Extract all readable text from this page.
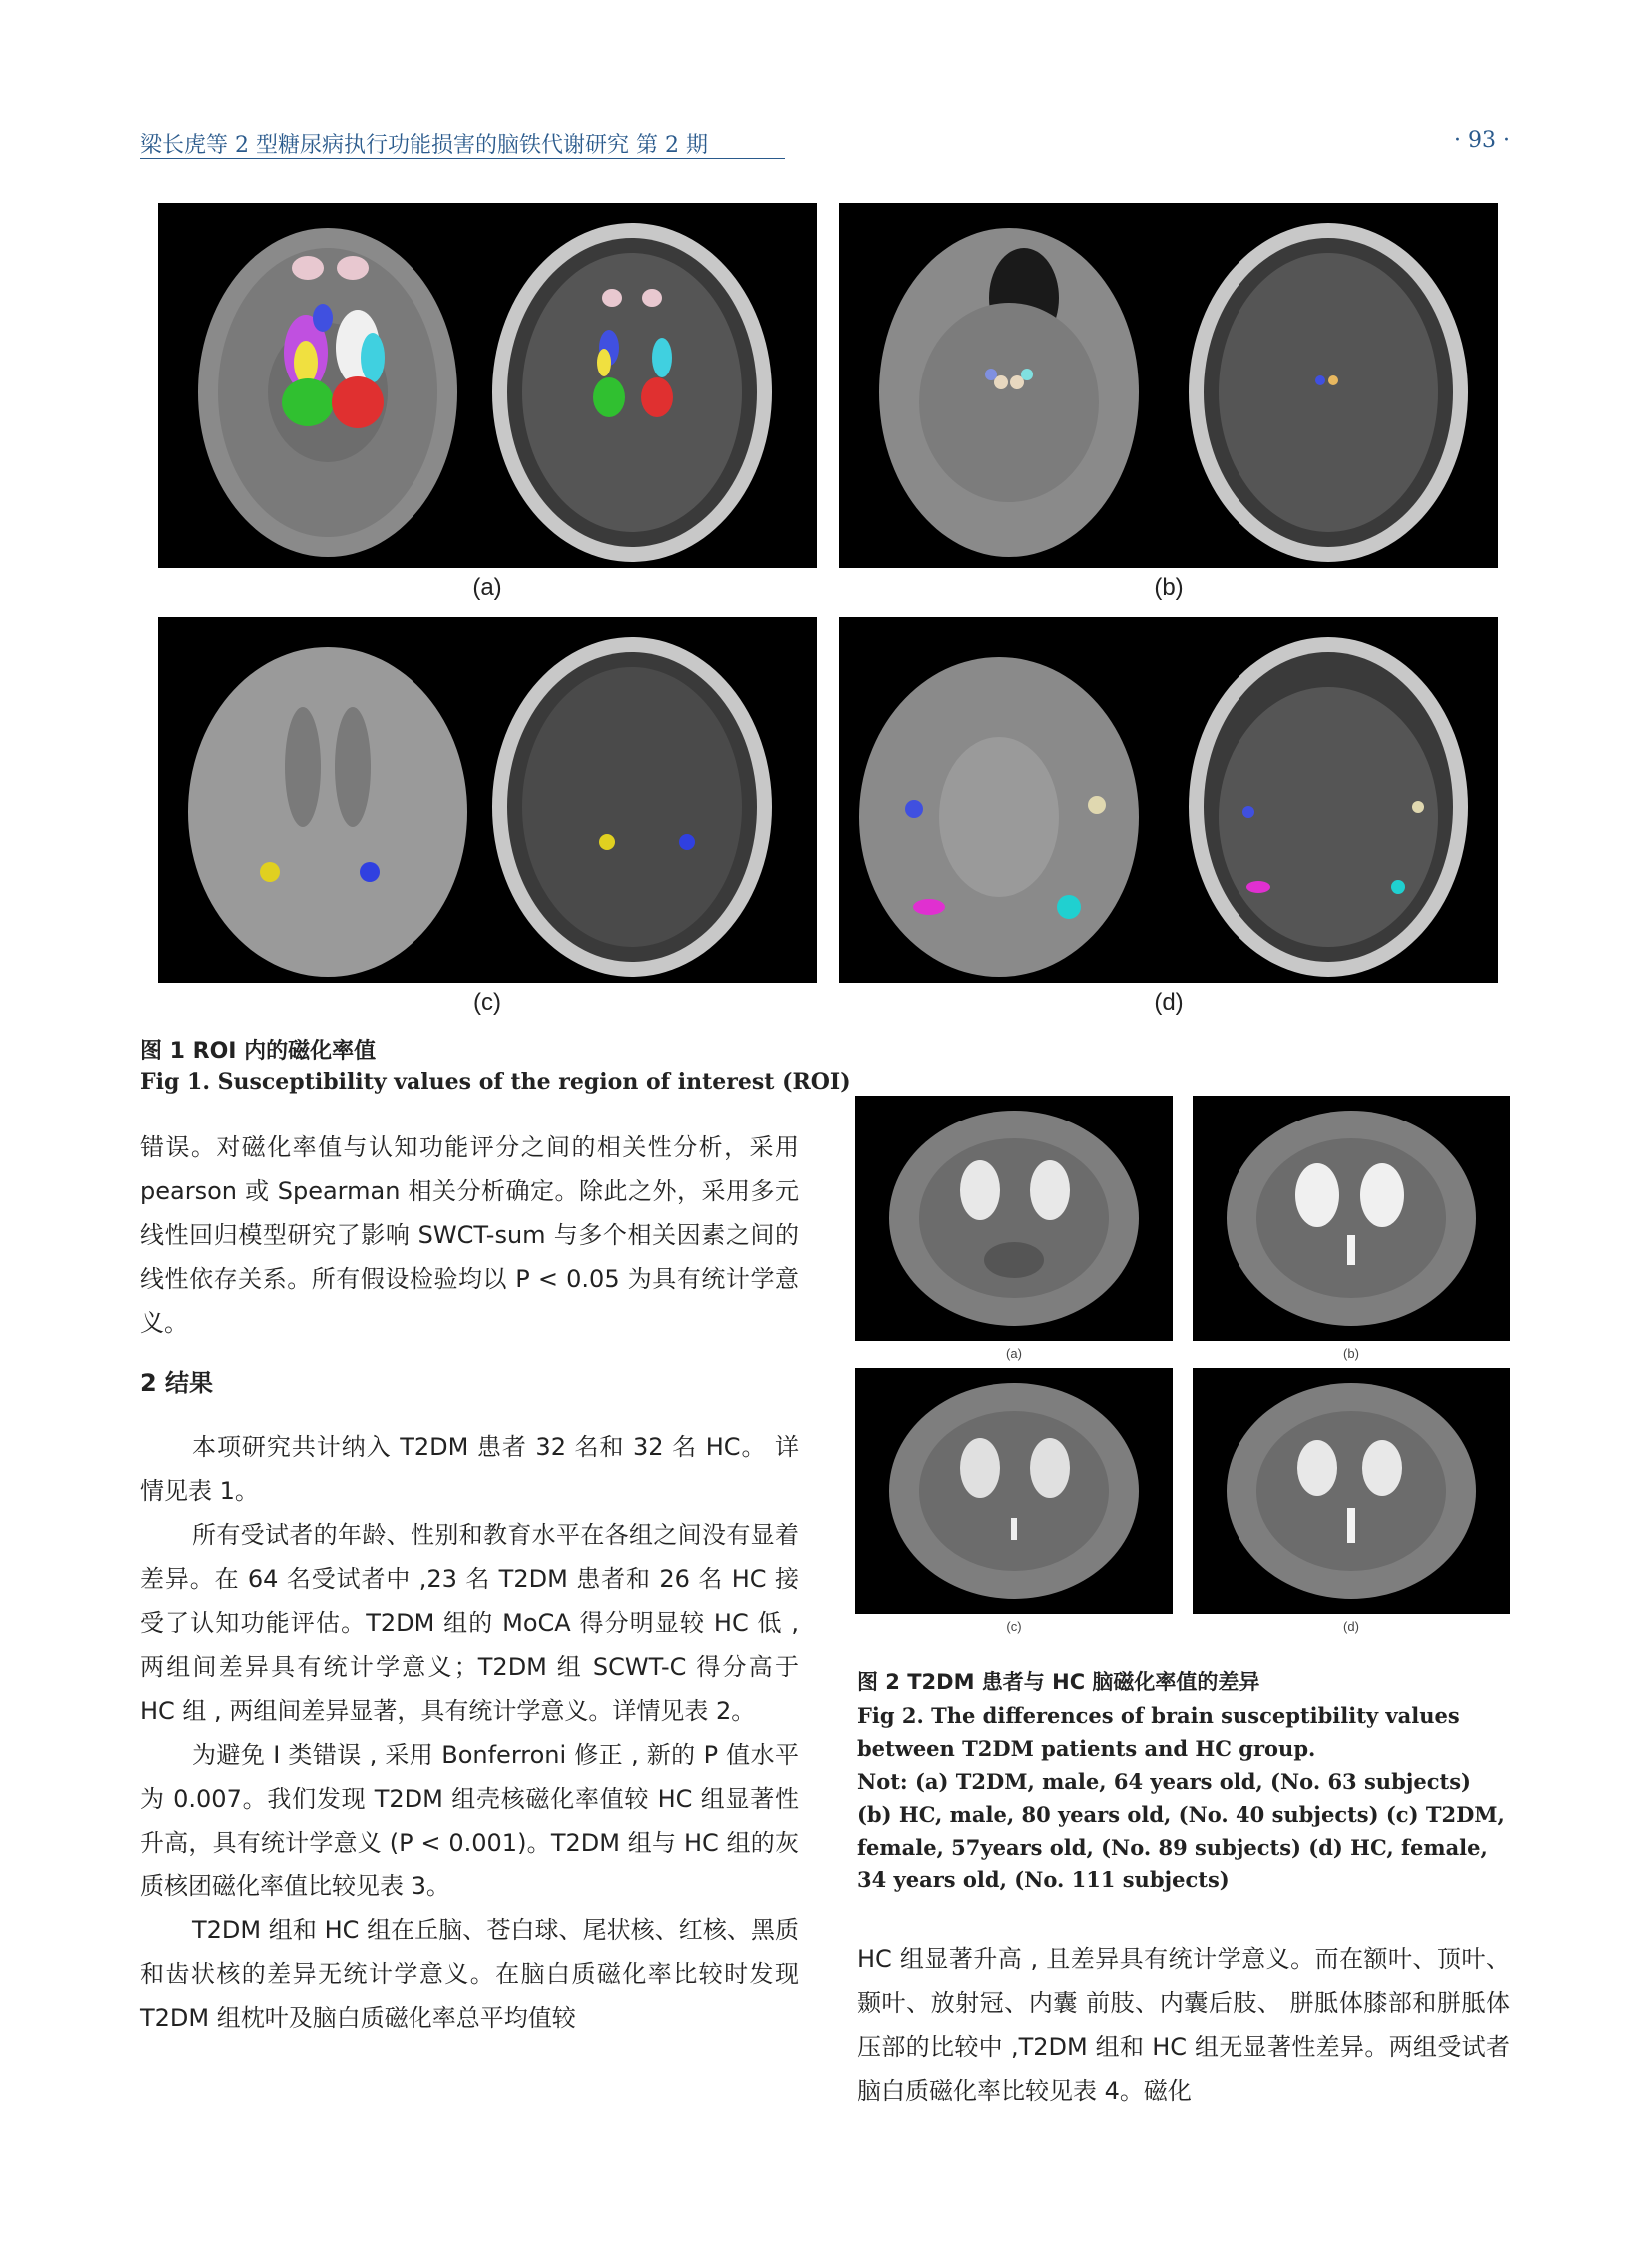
梁长虎等 2 型糖尿病执行功能损害的脑铁代谢研究 第 2 期	· 93 ·
(a)	(b)
(c)	(d)
图 1 ROI 内的磁化率值
Fig 1. Susceptibility values of the region of interest (ROI)

错误。对磁化率值与认知功能评分之间的相关性分析，采用 pearson 或 Spearman 相关分析确定。除此之外，采用多元线性回归模型研究了影响 SWCT-sum 与多个相关因素之间的线性依存关系。所有假设检验均以 P < 0.05 为具有统计学意义。

2 结果

本项研究共计纳入 T2DM 患者 32 名和 32 名 HC。 详情见表 1。

所有受试者的年龄、性别和教育水平在各组之间没有显着差异。在 64 名受试者中 ,23 名 T2DM 患者和 26 名 HC 接受了认知功能评估。T2DM 组的 MoCA 得分明显较 HC 低 , 两组间差异具有统计学意义；T2DM 组 SCWT-C 得分高于 HC 组 , 两组间差异显著，具有统计学意义。详情见表 2。

为避免 I 类错误 , 采用 Bonferroni 修正 , 新的 P 值水平为 0.007。我们发现 T2DM 组壳核磁化率值较 HC 组显著性升高，具有统计学意义 (P < 0.001)。T2DM 组与 HC 组的灰质核团磁化率值比较见表 3。

T2DM 组和 HC 组在丘脑、苍白球、尾状核、红核、黑质和齿状核的差异无统计学意义。在脑白质磁化率比较时发现 T2DM 组枕叶及脑白质磁化率总平均值较

(a)	(b)
(c)	(d)

图 2 T2DM 患者与 HC 脑磁化率值的差异

Fig 2. The differences of brain susceptibility values between T2DM patients and HC group.

Not: (a) T2DM, male, 64 years old, (No. 63 subjects) (b) HC, male, 80 years old, (No. 40 subjects) (c) T2DM, female, 57years old, (No. 89 subjects) (d) HC, female, 34 years old, (No. 111 subjects)

HC 组显著升高 , 且差异具有统计学意义。而在额叶、顶叶、颞叶、放射冠、内囊 前肢、内囊后肢、 胼胝体膝部和胼胝体压部的比较中 ,T2DM 组和 HC 组无显著性差异。两组受试者脑白质磁化率比较见表 4。磁化
